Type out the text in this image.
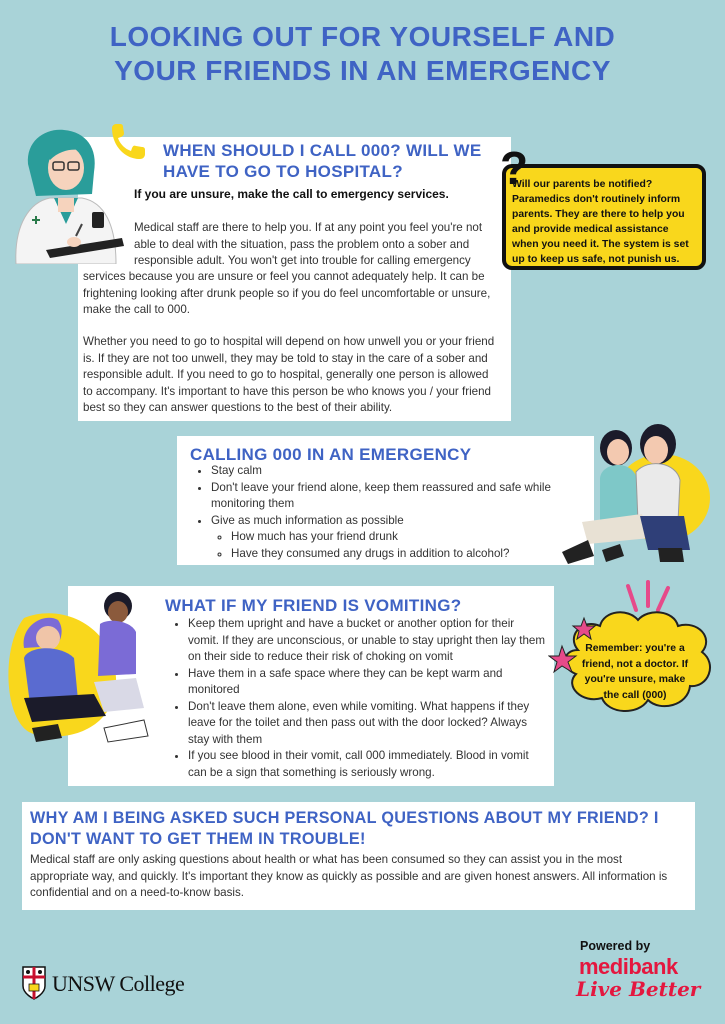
LOOKING OUT FOR YOURSELF AND
YOUR FRIENDS IN AN EMERGENCY
WHEN SHOULD I CALL 000? WILL WE
HAVE TO GO TO HOSPITAL?
If you are unsure, make the call to emergency services.
Medical staff are there to help you. If at any point you feel you're not
able to deal with the situation, pass the problem onto a sober and
responsible adult. You won't get into trouble for calling emergency
services because you are unsure or feel you cannot adequately help. It can be
frightening looking after drunk people so if you do feel uncomfortable or unsure,
make the call to 000.
Whether you need to go to hospital will depend on how unwell you or your friend
is. If they are not too unwell, they may be told to stay in the care of a sober and
responsible adult. If you need to go to hospital, generally one person is allowed
to accompany. It's important to have this person be who knows you / your friend
best so they can answer questions to the best of their ability.
?
Will our parents be notified?
Paramedics don't routinely inform
parents. They are there to help you
and provide medical assistance
when you need it. The system is set
up to keep us safe, not punish us.
CALLING 000 IN AN EMERGENCY
• Stay calm
• Don't leave your friend alone, keep them reassured and safe while monitoring them
• Give as much information as possible
◦ How much has your friend drunk
◦ Have they consumed any drugs in addition to alcohol?
WHAT IF MY FRIEND IS VOMITING?
• Keep them upright and have a bucket or another option for their vomit. If they are unconscious, or unable to stay upright then lay them on their side to reduce their risk of choking on vomit
• Have them in a safe space where they can be kept warm and monitored
• Don't leave them alone, even while vomiting. What happens if they leave for the toilet and then pass out with the door locked? Always stay with them
• If you see blood in their vomit, call 000 immediately. Blood in vomit can be a sign that something is seriously wrong.
Remember: you're a
friend, not a doctor. If
you're unsure, make
the call (000)
WHY AM I BEING ASKED SUCH PERSONAL QUESTIONS ABOUT MY FRIEND? I
DON'T WANT TO GET THEM IN TROUBLE!
Medical staff are only asking questions about health or what has been consumed so they can assist you in the most
appropriate way, and quickly. It's important they know as quickly as possible and are given honest answers. All information is
confidential and on a need-to-know basis.
UNSW College
Powered by
medibank
Live Better
